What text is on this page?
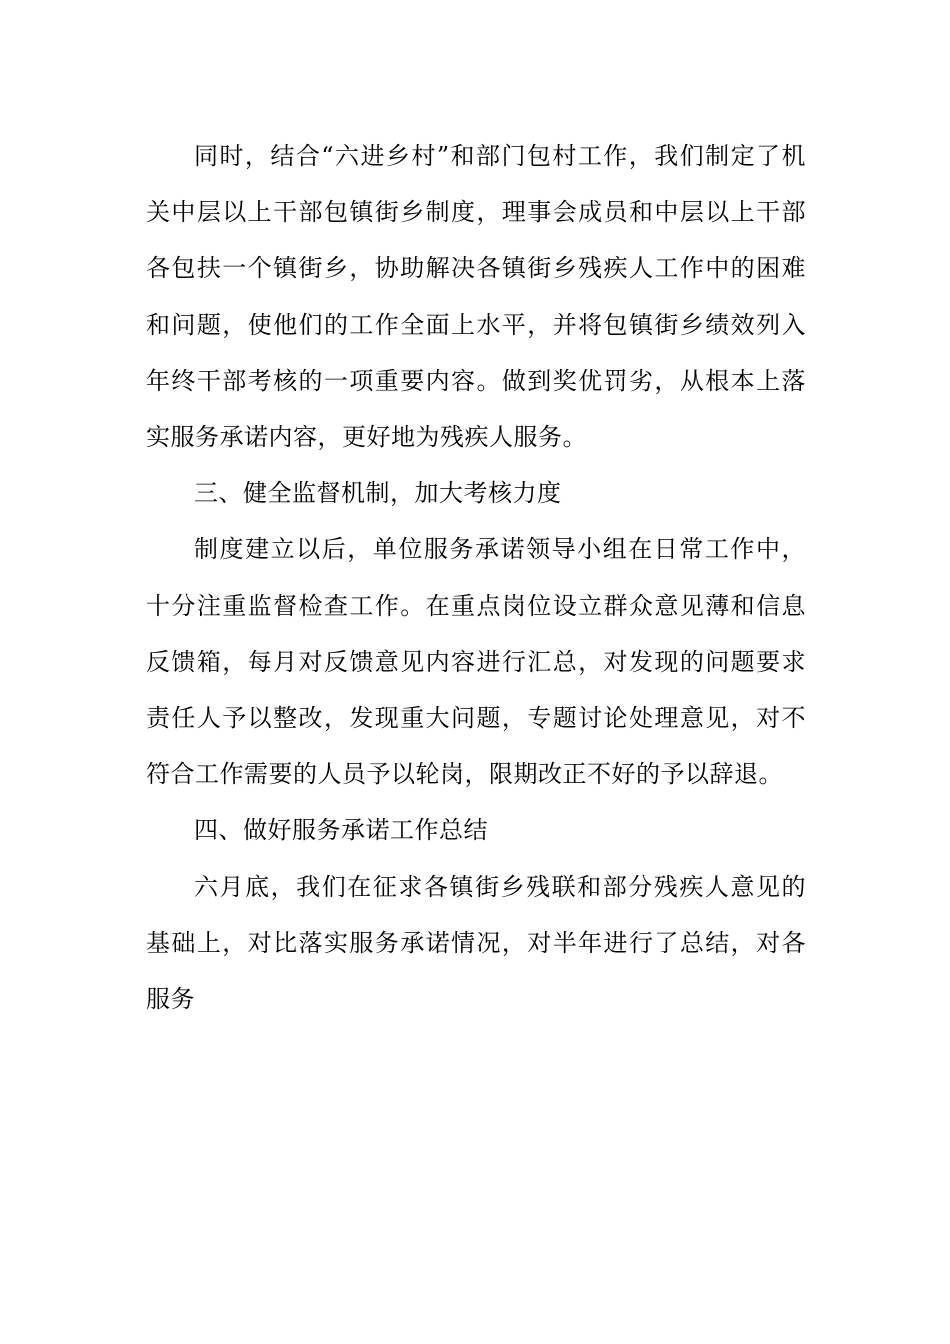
同时，结合“六进乡村”和部门包村工作，我们制定了机关中层以上干部包镇街乡制度，理事会成员和中层以上干部各包扶一个镇街乡，协助解决各镇街乡残疾人工作中的困难和问题，使他们的工作全面上水平，并将包镇街乡绩效列入年终干部考核的一项重要内容。做到奖优罚劣，从根本上落实服务承诺内容，更好地为残疾人服务。

三、健全监督机制，加大考核力度

制度建立以后，单位服务承诺领导小组在日常工作中，十分注重监督检查工作。在重点岗位设立群众意见薄和信息反馈箱，每月对反馈意见内容进行汇总，对发现的问题要求责任人予以整改，发现重大问题，专题讨论处理意见，对不符合工作需要的人员予以轮岗，限期改正不好的予以辞退。

四、做好服务承诺工作总结

六月底，我们在征求各镇街乡残联和部分残疾人意见的基础上，对比落实服务承诺情况，对半年进行了总结，对各服务
